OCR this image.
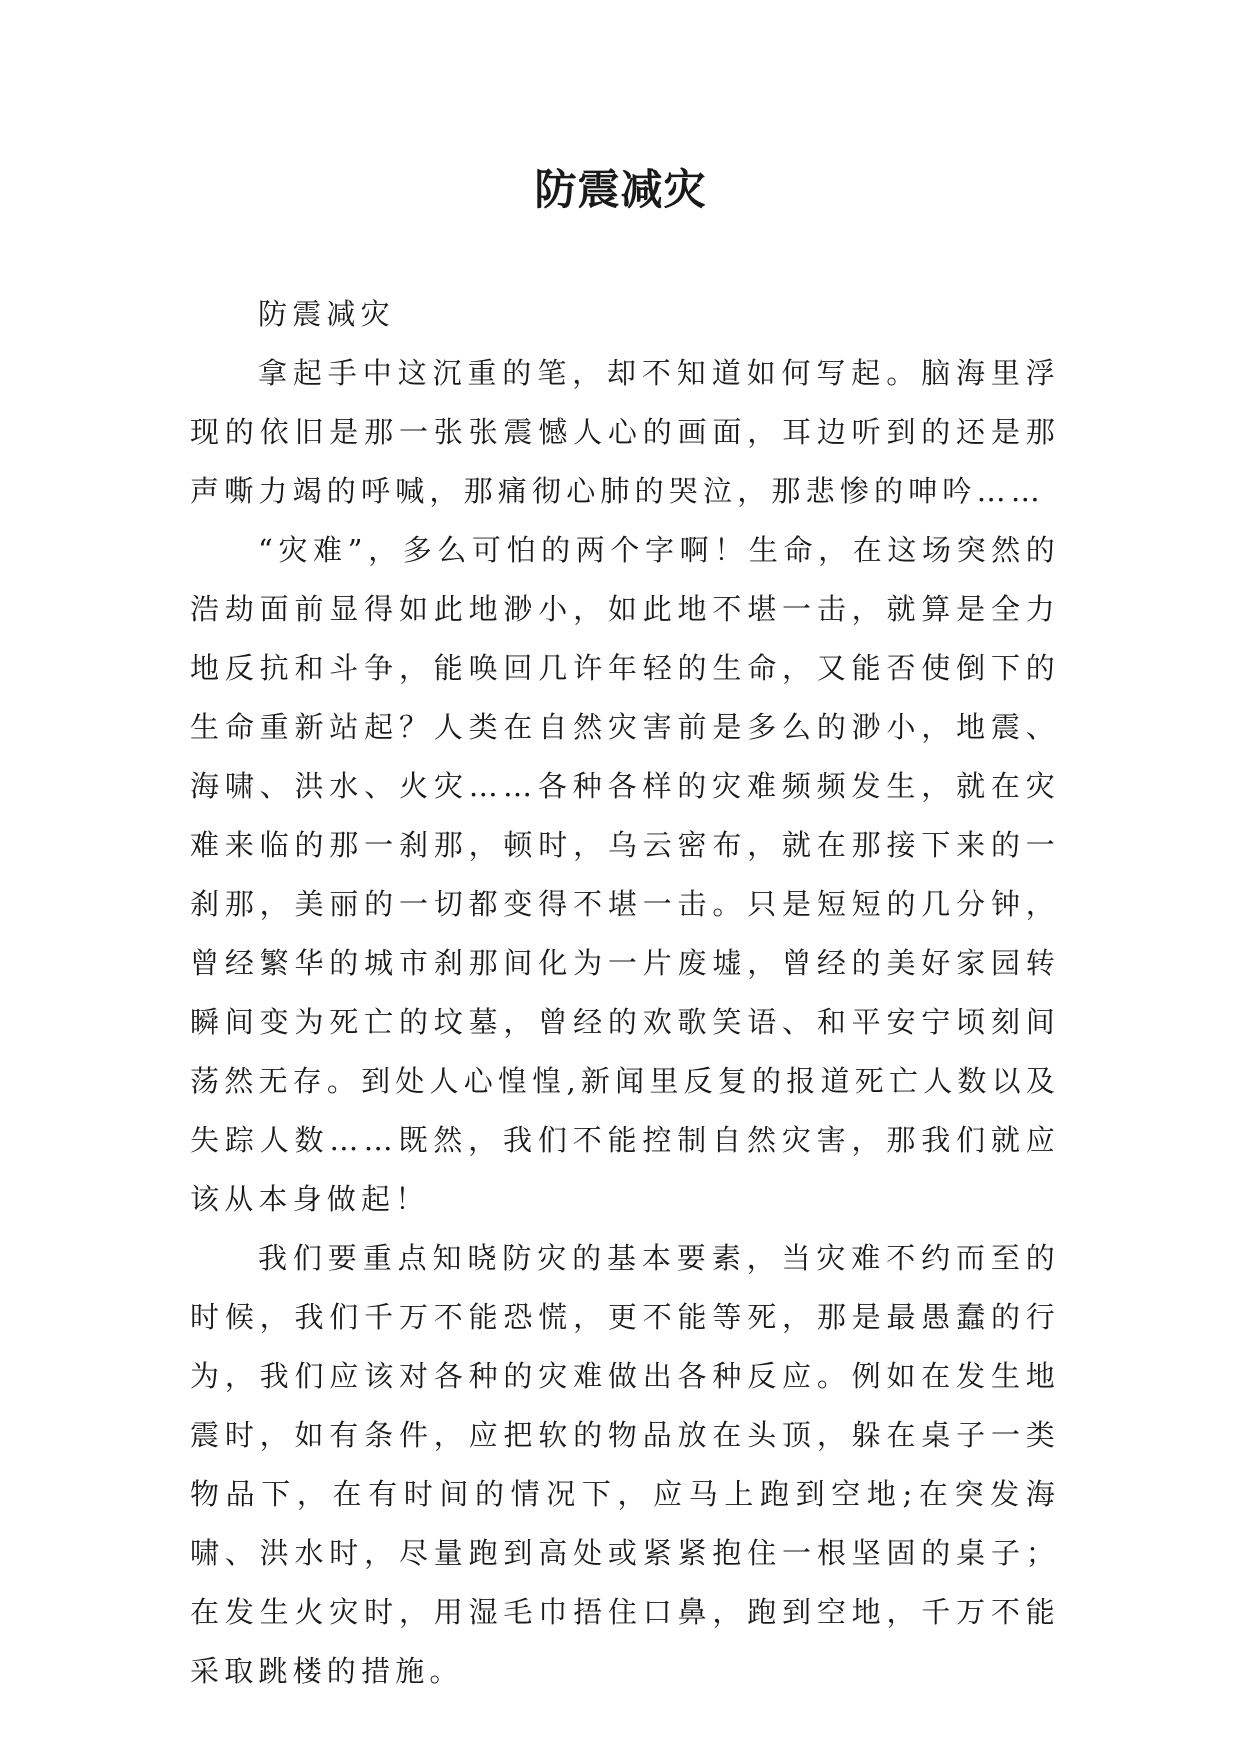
防震减灾

防震减灾

拿起手中这沉重的笔，却不知道如何写起。脑海里浮现的依旧是那一张张震憾人心的画面，耳边听到的还是那声嘶力竭的呼喊，那痛彻心肺的哭泣，那悲惨的呻吟……

“灾难”，多么可怕的两个字啊！生命，在这场突然的浩劫面前显得如此地渺小，如此地不堪一击，就算是全力地反抗和斗争，能唤回几许年轻的生命，又能否使倒下的生命重新站起？人类在自然灾害前是多么的渺小，地震、海啸、洪水、火灾……各种各样的灾难频频发生，就在灾难来临的那一刹那，顿时，乌云密布，就在那接下来的一刹那，美丽的一切都变得不堪一击。只是短短的几分钟，曾经繁华的城市刹那间化为一片废墟，曾经的美好家园转瞬间变为死亡的坟墓，曾经的欢歌笑语、和平安宁顷刻间荡然无存。到处人心惶惶,新闻里反复的报道死亡人数以及失踪人数……既然，我们不能控制自然灾害，那我们就应该从本身做起！

我们要重点知晓防灾的基本要素，当灾难不约而至的时候，我们千万不能恐慌，更不能等死，那是最愚蠢的行为，我们应该对各种的灾难做出各种反应。例如在发生地震时，如有条件，应把软的物品放在头顶，躲在桌子一类物品下，在有时间的情况下，应马上跑到空地;在突发海啸、洪水时，尽量跑到高处或紧紧抱住一根坚固的桌子；在发生火灾时，用湿毛巾捂住口鼻，跑到空地，千万不能采取跳楼的措施。
